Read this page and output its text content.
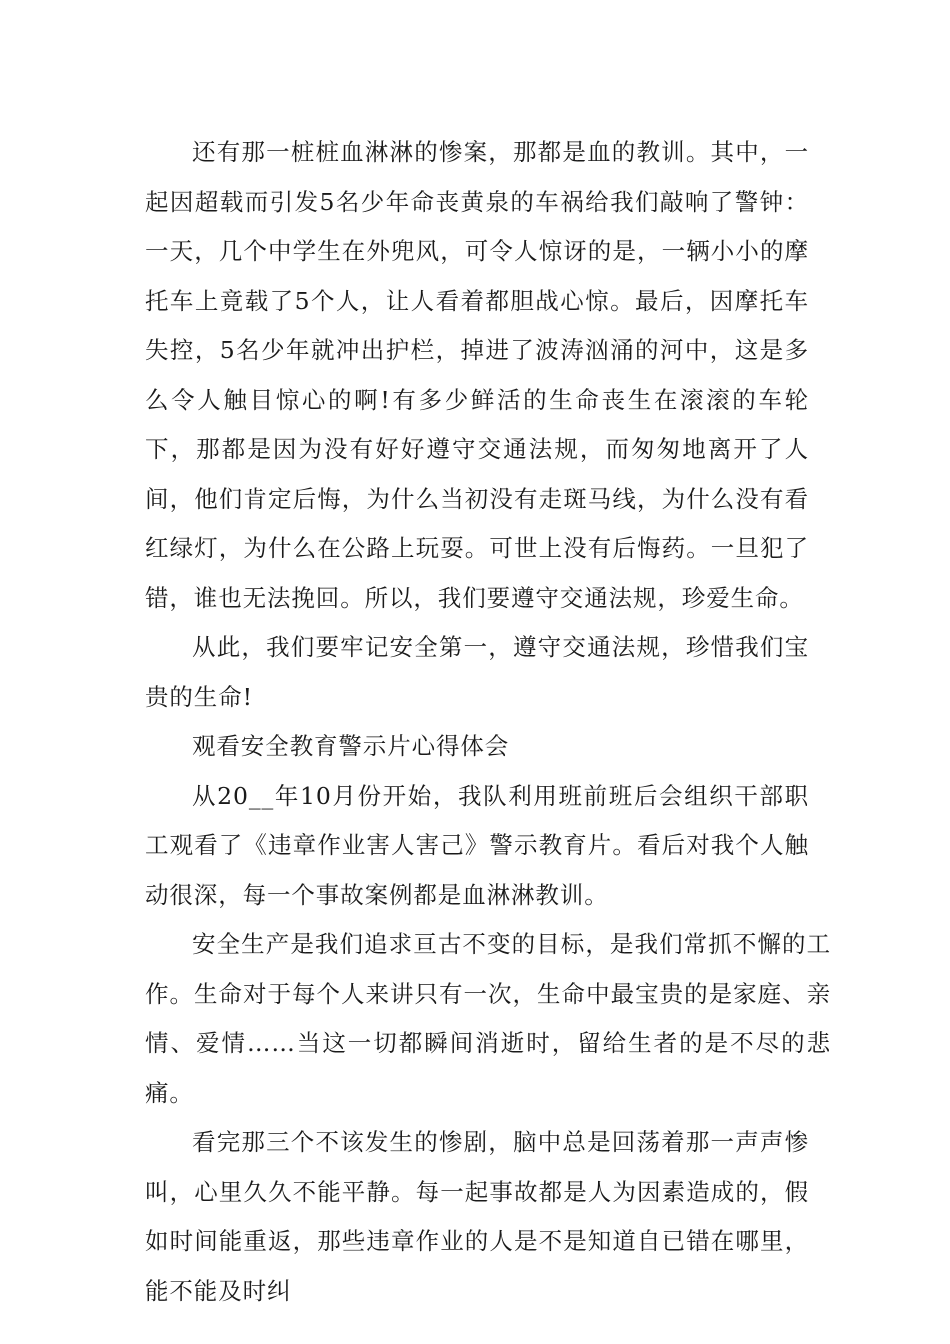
还有那一桩桩血淋淋的惨案，那都是血的教训。其中，一起因超载而引发5名少年命丧黄泉的车祸给我们敲响了警钟：一天，几个中学生在外兜风，可令人惊讶的是，一辆小小的摩托车上竟载了5个人，让人看着都胆战心惊。最后，因摩托车失控，5名少年就冲出护栏，掉进了波涛汹涌的河中，这是多么令人触目惊心的啊!有多少鲜活的生命丧生在滚滚的车轮下，那都是因为没有好好遵守交通法规，而匆匆地离开了人间，他们肯定后悔，为什么当初没有走斑马线，为什么没有看红绿灯，为什么在公路上玩耍。可世上没有后悔药。一旦犯了错，谁也无法挽回。所以，我们要遵守交通法规，珍爱生命。

从此，我们要牢记安全第一，遵守交通法规，珍惜我们宝贵的生命!

观看安全教育警示片心得体会

从20__年10月份开始，我队利用班前班后会组织干部职工观看了《违章作业害人害己》警示教育片。看后对我个人触动很深，每一个事故案例都是血淋淋教训。

安全生产是我们追求亘古不变的目标，是我们常抓不懈的工作。生命对于每个人来讲只有一次，生命中最宝贵的是家庭、亲情、爱情……当这一切都瞬间消逝时，留给生者的是不尽的悲痛。

看完那三个不该发生的惨剧，脑中总是回荡着那一声声惨叫，心里久久不能平静。每一起事故都是人为因素造成的，假如时间能重返，那些违章作业的人是不是知道自已错在哪里，能不能及时纠
